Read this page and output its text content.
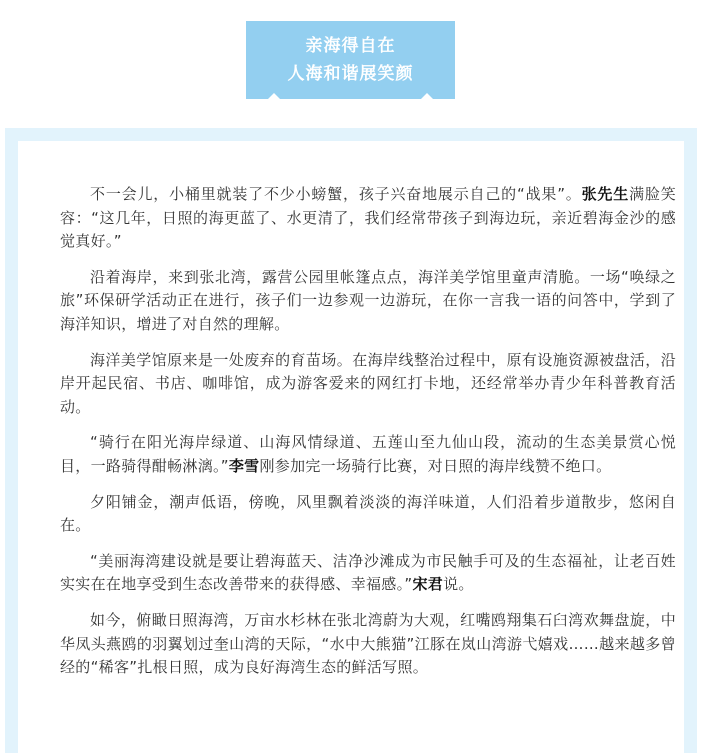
亲海得自在
人海和谐展笑颜

不一会儿，小桶里就装了不少小螃蟹，孩子兴奋地展示自己的“战果”。张先生满脸笑容：“这几年，日照的海更蓝了、水更清了，我们经常带孩子到海边玩，亲近碧海金沙的感觉真好。”

沿着海岸，来到张北湾，露营公园里帐篷点点，海洋美学馆里童声清脆。一场“唤绿之旅”环保研学活动正在进行，孩子们一边参观一边游玩，在你一言我一语的问答中，学到了海洋知识，增进了对自然的理解。

海洋美学馆原来是一处废弃的育苗场。在海岸线整治过程中，原有设施资源被盘活，沿岸开起民宿、书店、咖啡馆，成为游客爱来的网红打卡地，还经常举办青少年科普教育活动。

“骑行在阳光海岸绿道、山海风情绿道、五莲山至九仙山段，流动的生态美景赏心悦目，一路骑得酣畅淋漓。”李雪刚参加完一场骑行比赛，对日照的海岸线赞不绝口。

夕阳铺金，潮声低语，傍晚，风里飘着淡淡的海洋味道，人们沿着步道散步，悠闲自在。

“美丽海湾建设就是要让碧海蓝天、洁净沙滩成为市民触手可及的生态福祉，让老百姓实实在在地享受到生态改善带来的获得感、幸福感。”宋君说。

如今，俯瞰日照海湾，万亩水杉林在张北湾蔚为大观，红嘴鸥翔集石臼湾欢舞盘旋，中华凤头燕鸥的羽翼划过奎山湾的天际，“水中大熊猫”江豚在岚山湾游弋嬉戏……越来越多曾经的“稀客”扎根日照，成为良好海湾生态的鲜活写照。
